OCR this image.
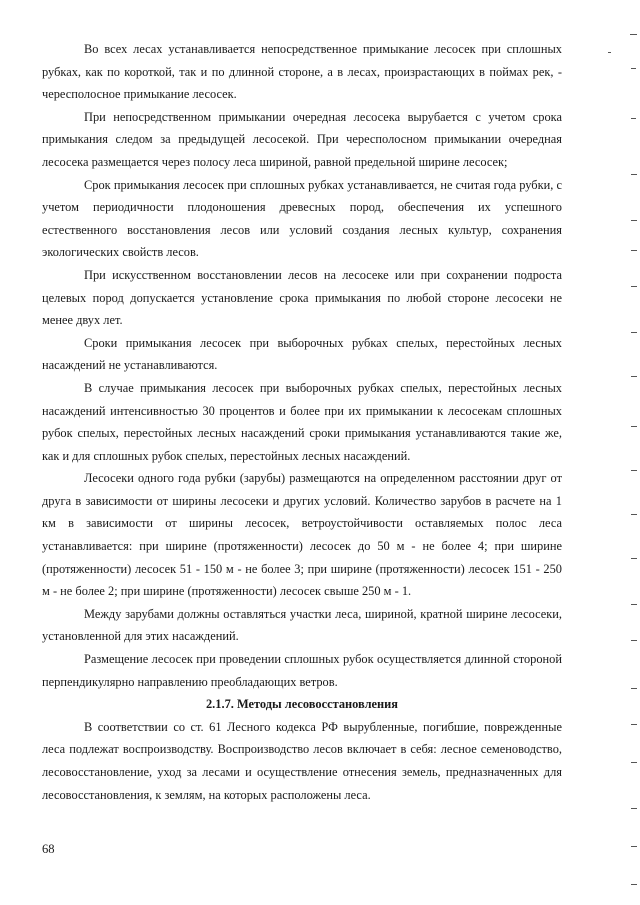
Во всех лесах устанавливается непосредственное примыкание лесосек при сплошных рубках, как по короткой, так и по длинной стороне, а в лесах, произрастающих в поймах рек, - чересполосное примыкание лесосек.

При непосредственном примыкании очередная лесосека вырубается с учетом срока примыкания следом за предыдущей лесосекой. При чересполосном примыкании очередная лесосека размещается через полосу леса шириной, равной предельной ширине лесосек;

Срок примыкания лесосек при сплошных рубках устанавливается, не считая года рубки, с учетом периодичности плодоношения древесных пород, обеспечения их успешного естественного восстановления лесов или условий создания лесных культур, сохранения экологических свойств лесов.

При искусственном восстановлении лесов на лесосеке или при сохранении подроста целевых пород допускается установление срока примыкания по любой стороне лесосеки не менее двух лет.

Сроки примыкания лесосек при выборочных рубках спелых, перестойных лесных насаждений не устанавливаются.

В случае примыкания лесосек при выборочных рубках спелых, перестойных лесных насаждений интенсивностью 30 процентов и более при их примыкании к лесосекам сплошных рубок спелых, перестойных лесных насаждений сроки примыкания устанавливаются такие же, как и для сплошных рубок спелых, перестойных лесных насаждений.

Лесосеки одного года рубки (зарубы) размещаются на определенном расстоянии друг от друга в зависимости от ширины лесосеки и других условий. Количество зарубов в расчете на 1 км в зависимости от ширины лесосек, ветроустойчивости оставляемых полос леса устанавливается: при ширине (протяженности) лесосек до 50 м - не более 4; при ширине (протяженности) лесосек 51 - 150 м - не более 3; при ширине (протяженности) лесосек 151 - 250 м - не более 2; при ширине (протяженности) лесосек свыше 250 м - 1.

Между зарубами должны оставляться участки леса, шириной, кратной ширине лесосеки, установленной для этих насаждений.

Размещение лесосек при проведении сплошных рубок осуществляется длинной стороной перпендикулярно направлению преобладающих ветров.

2.1.7. Методы лесовосстановления

В соответствии со ст. 61 Лесного кодекса РФ вырубленные, погибшие, поврежденные леса подлежат воспроизводству. Воспроизводство лесов включает в себя: лесное семеноводство, лесовосстановление, уход за лесами и осуществление отнесения земель, предназначенных для лесовосстановления, к землям, на которых расположены леса.

68
